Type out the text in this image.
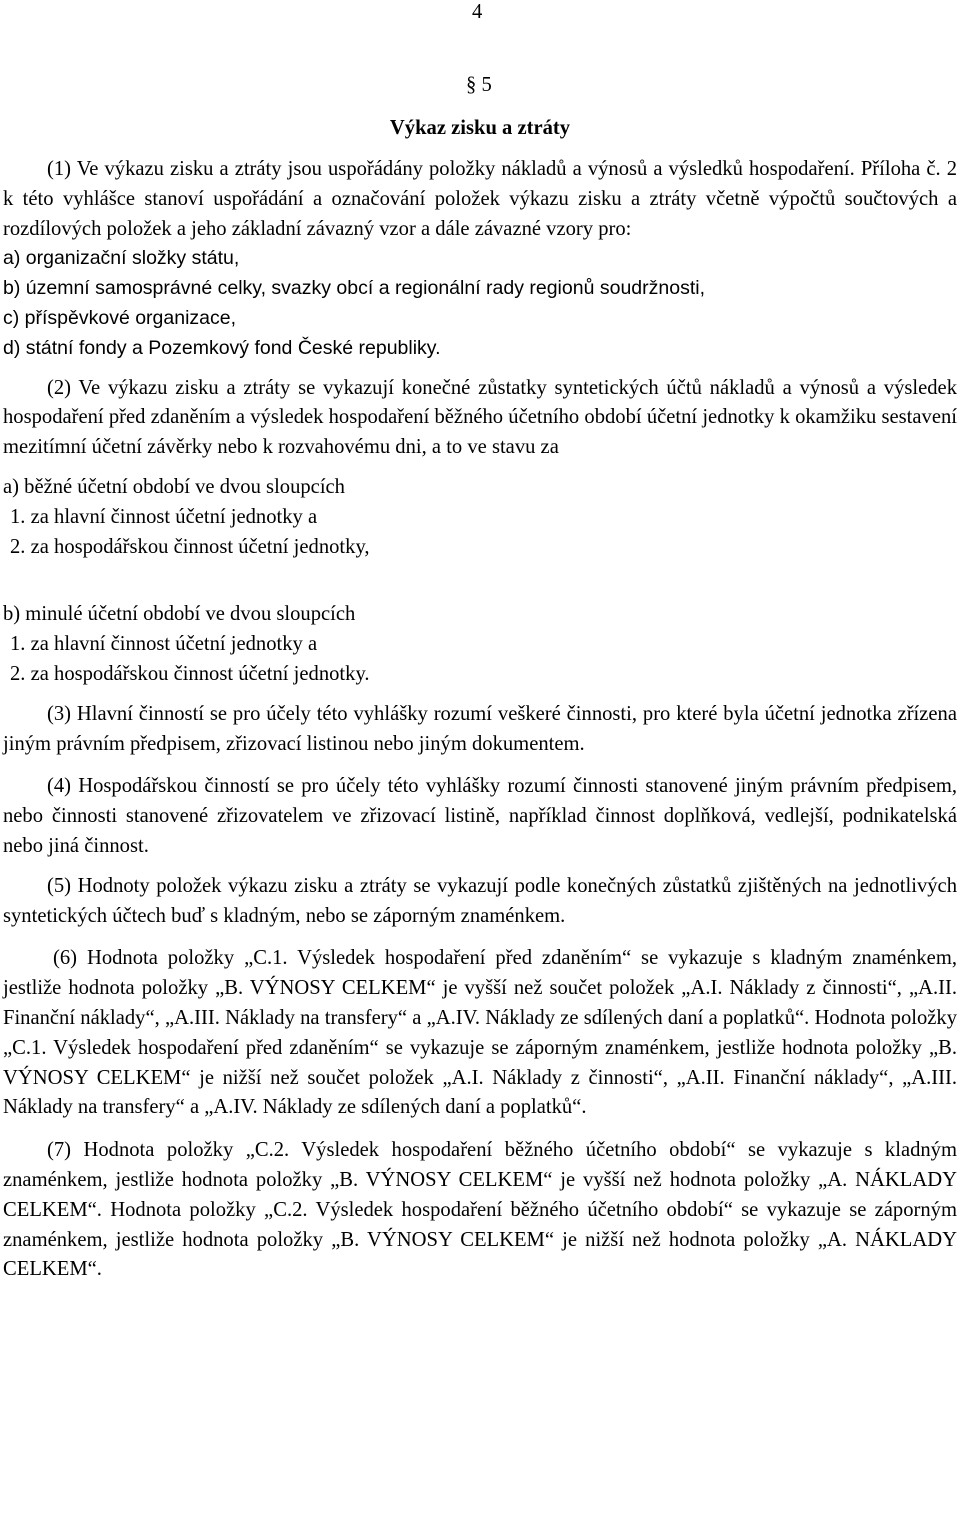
4
§ 5
Výkaz zisku a ztráty

(1) Ve výkazu zisku a ztráty jsou uspořádány položky nákladů a výnosů a výsledků hospodaření. Příloha č. 2 k této vyhlášce stanoví uspořádání a označování položek výkazu zisku a ztráty včetně výpočtů součtových a rozdílových položek a jeho základní závazný vzor a dále závazné vzory pro:

a) organizační složky státu,

b) územní samosprávné celky, svazky obcí a regionální rady regionů soudržnosti,

c) příspěvkové organizace,

d) státní fondy a Pozemkový fond České republiky.

(2) Ve výkazu zisku a ztráty se vykazují konečné zůstatky syntetických účtů nákladů a výnosů a výsledek hospodaření před zdaněním a výsledek hospodaření běžného účetního období účetní jednotky k okamžiku sestavení mezitímní účetní závěrky nebo k rozvahovému dni, a to ve stavu za

a) běžné účetní období ve dvou sloupcích

1. za hlavní činnost účetní jednotky a

2. za hospodářskou činnost účetní jednotky,

b) minulé účetní období ve dvou sloupcích

1. za hlavní činnost účetní jednotky a

2. za hospodářskou činnost účetní jednotky.

(3) Hlavní činností se pro účely této vyhlášky rozumí veškeré činnosti, pro které byla účetní jednotka zřízena jiným právním předpisem, zřizovací listinou nebo jiným dokumentem.

(4) Hospodářskou činností se pro účely této vyhlášky rozumí činnosti stanovené jiným právním předpisem, nebo činnosti stanovené zřizovatelem ve zřizovací listině, například činnost doplňková, vedlejší, podnikatelská nebo jiná činnost.

(5) Hodnoty položek výkazu zisku a ztráty se vykazují podle konečných zůstatků zjištěných na jednotlivých syntetických účtech buď s kladným, nebo se záporným znaménkem.

(6) Hodnota položky „C.1. Výsledek hospodaření před zdaněním“ se vykazuje s kladným znaménkem, jestliže hodnota položky „B. VÝNOSY CELKEM“ je vyšší než součet položek „A.I. Náklady z činnosti“, „A.II. Finanční náklady“, „A.III. Náklady na transfery“ a „A.IV. Náklady ze sdílených daní a poplatků“. Hodnota položky „C.1. Výsledek hospodaření před zdaněním“ se vykazuje se záporným znaménkem, jestliže hodnota položky „B. VÝNOSY CELKEM“ je nižší než součet položek „A.I. Náklady z činnosti“, „A.II. Finanční náklady“, „A.III. Náklady na transfery“ a „A.IV. Náklady ze sdílených daní a poplatků“.

(7) Hodnota položky „C.2. Výsledek hospodaření běžného účetního období“ se vykazuje s kladným znaménkem, jestliže hodnota položky „B. VÝNOSY CELKEM“ je vyšší než hodnota položky „A. NÁKLADY CELKEM“. Hodnota položky „C.2. Výsledek hospodaření běžného účetního období“ se vykazuje se záporným znaménkem, jestliže hodnota položky „B. VÝNOSY CELKEM“ je nižší než hodnota položky „A. NÁKLADY CELKEM“.
